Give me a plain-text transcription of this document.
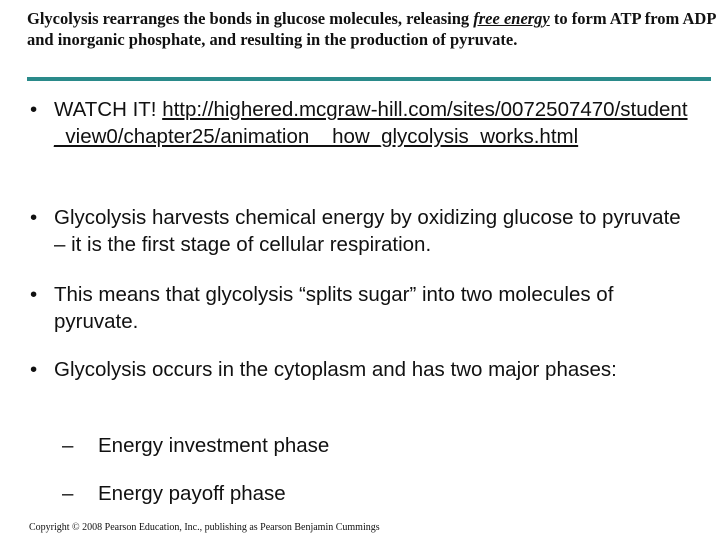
Glycolysis rearranges the bonds in glucose molecules, releasing free energy to form ATP from ADP and inorganic phosphate, and resulting in the production of pyruvate.
• WATCH IT! http://highered.mcgraw-hill.com/sites/0072507470/student_view0/chapter25/animation__how_glycolysis_works.html
• Glycolysis harvests chemical energy by oxidizing glucose to pyruvate – it is the first stage of cellular respiration.
• This means that glycolysis “splits sugar” into two molecules of pyruvate.
• Glycolysis occurs in the cytoplasm and has two major phases:
– Energy investment phase
– Energy payoff phase
Copyright © 2008 Pearson Education, Inc., publishing as Pearson Benjamin Cummings
